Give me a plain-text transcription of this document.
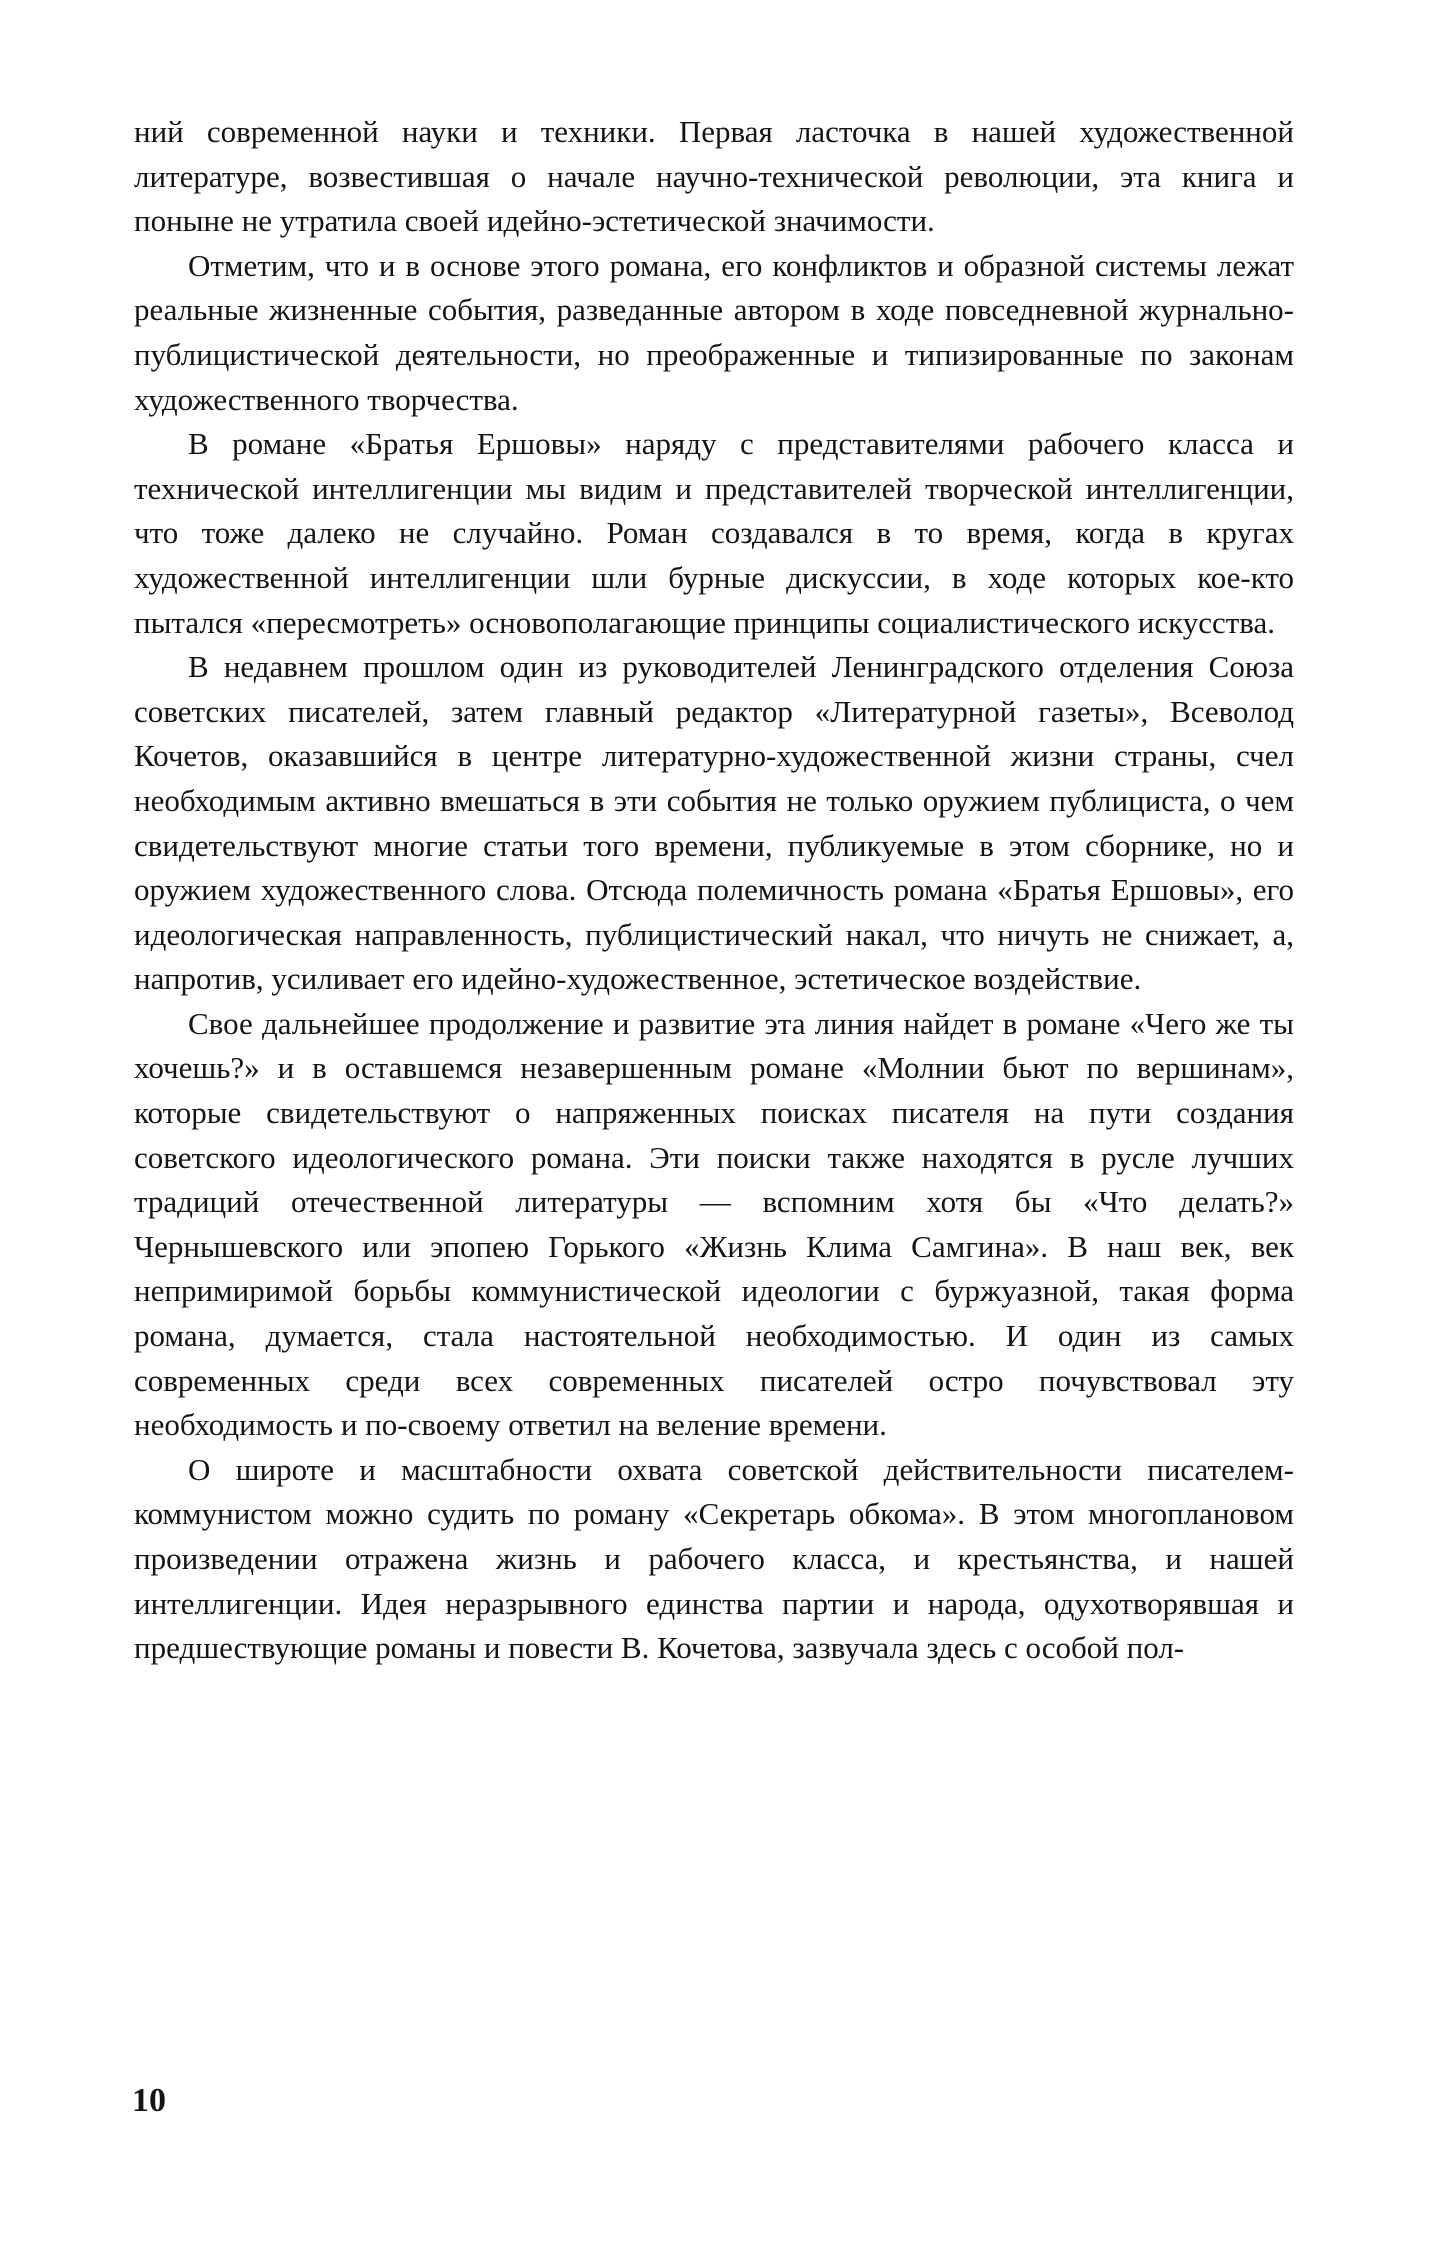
ний современной науки и техники. Первая ласточка в нашей художественной литературе, возвестившая о начале научно-технической революции, эта книга и поныне не утратила своей идейно-эстетической значимости.

Отметим, что и в основе этого романа, его конфликтов и образной системы лежат реальные жизненные события, разведанные автором в ходе повседневной журнально-публицистической деятельности, но преображенные и типизированные по законам художественного творчества.

В романе «Братья Ершовы» наряду с представителями рабочего класса и технической интеллигенции мы видим и представителей творческой интеллигенции, что тоже далеко не случайно. Роман создавался в то время, когда в кругах художественной интеллигенции шли бурные дискуссии, в ходе которых кое-кто пытался «пересмотреть» основополагающие принципы социалистического искусства.

В недавнем прошлом один из руководителей Ленинградского отделения Союза советских писателей, затем главный редактор «Литературной газеты», Всеволод Кочетов, оказавшийся в центре литературно-художественной жизни страны, счел необходимым активно вмешаться в эти события не только оружием публициста, о чем свидетельствуют многие статьи того времени, публикуемые в этом сборнике, но и оружием художественного слова. Отсюда полемичность романа «Братья Ершовы», его идеологическая направленность, публицистический накал, что ничуть не снижает, а, напротив, усиливает его идейно-художественное, эстетическое воздействие.

Свое дальнейшее продолжение и развитие эта линия найдет в романе «Чего же ты хочешь?» и в оставшемся незавершенным романе «Молнии бьют по вершинам», которые свидетельствуют о напряженных поисках писателя на пути создания советского идеологического романа. Эти поиски также находятся в русле лучших традиций отечественной литературы — вспомним хотя бы «Что делать?» Чернышевского или эпопею Горького «Жизнь Клима Самгина». В наш век, век непримиримой борьбы коммунистической идеологии с буржуазной, такая форма романа, думается, стала настоятельной необходимостью. И один из самых современных среди всех современных писателей остро почувствовал эту необходимость и по-своему ответил на веление времени.

О широте и масштабности охвата советской действительности писателем-коммунистом можно судить по роману «Секретарь обкома». В этом многоплановом произведении отражена жизнь и рабочего класса, и крестьянства, и нашей интеллигенции. Идея неразрывного единства партии и народа, одухотворявшая и предшествующие романы и повести В. Кочетова, зазвучала здесь с особой пол-

10
